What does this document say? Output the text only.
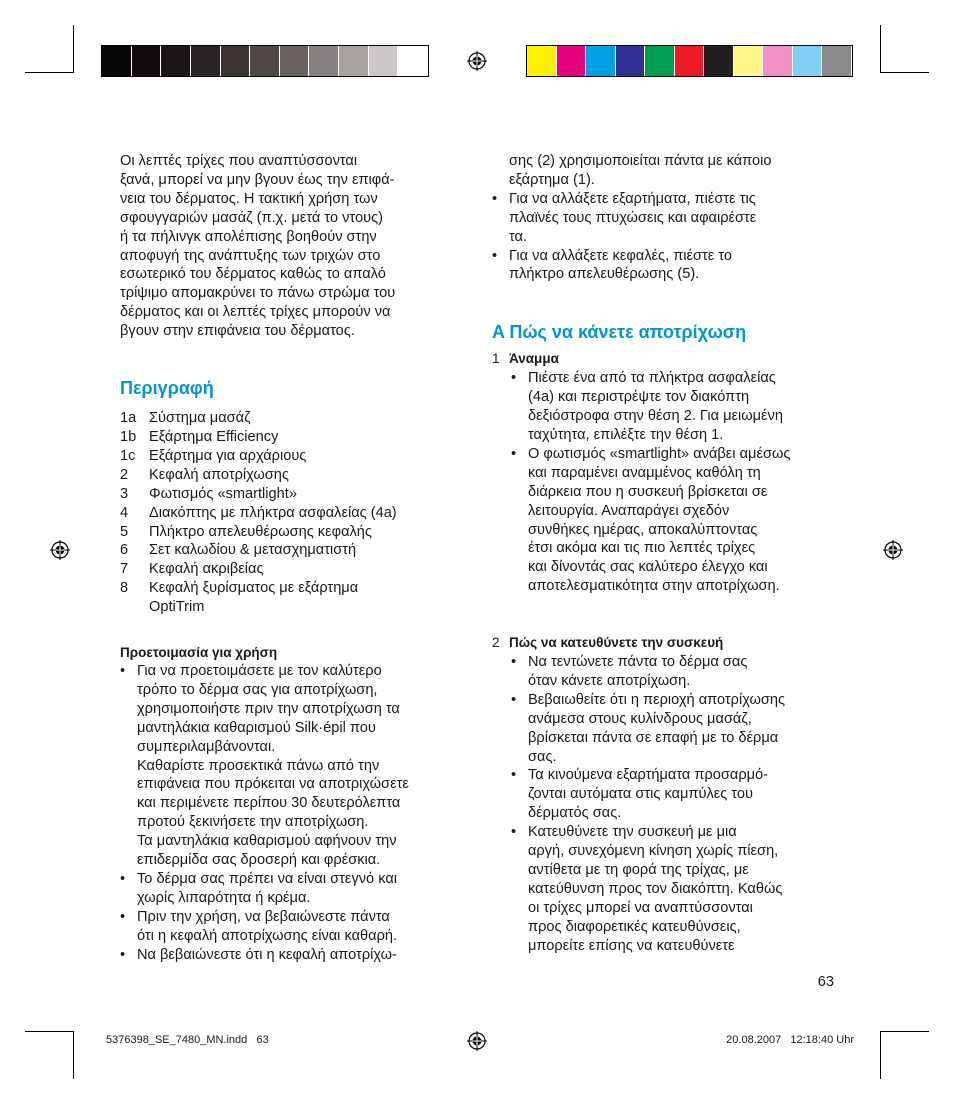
Οι λεπτές τρίχες που αναπτύσσονται

ξανά, μπορεί να μην βγουν έως την επιφά-

νεια του δέρματος. Η τακτική χρήση των

σφουγγαριών μασάζ (π.χ. μετά το ντους)

ή τα πήλινγκ απολέπισης βοηθούν στην

αποφυγή της ανάπτυξης των τριχών στο

εσωτερικό του δέρματος καθώς το απαλό

τρίψιμο απομακρύνει το πάνω στρώμα του

δέρματος και οι λεπτές τρίχες μπορούν να

βγουν στην επιφάνεια του δέρματος.

Περιγραφή
1a Σύστημα μασάζ
1b Εξάρτημα Efficiency
1c Εξάρτημα για αρχάριους
2 Κεφαλή αποτρίχωσης
3 Φωτισμός «smartlight»
4 Διακόπτης με πλήκτρα ασφαλείας (4a)
5 Πλήκτρο απελευθέρωσης κεφαλής
6 Σετ καλωδίου & μετασχηματιστή
7 Κεφαλή ακριβείας
8 Κεφαλή ξυρίσματος με εξάρτημα
OptiTrim
Προετοιμασία για χρήση
• Για να προετοιμάσετε με τον καλύτερο
τρόπο το δέρμα σας για αποτρίχωση,
χρησιμοποιήστε πριν την αποτρίχωση τα
μαντηλάκια καθαρισμού Silk·épil που
συμπεριλαμβάνονται.
Καθαρίστε προσεκτικά πάνω από την
επιφάνεια που πρόκειται να αποτριχώσετε
και περιμένετε περίπου 30 δευτερόλεπτα
προτού ξεκινήσετε την αποτρίχωση.
Τα μαντηλάκια καθαρισμού αφήνουν την
επιδερμίδα σας δροσερή και φρέσκια.
• Το δέρμα σας πρέπει να είναι στεγνό και
χωρίς λιπαρότητα ή κρέμα.
• Πριν την χρήση, να βεβαιώνεστε πάντα
ότι η κεφαλή αποτρίχωσης είναι καθαρή.
• Να βεβαιώνεστε ότι η κεφαλή αποτρίχω-

σης (2) χρησιμοποιείται πάντα με κάποιο

εξάρτημα (1).

• Για να αλλάξετε εξαρτήματα, πιέστε τις
πλαϊνές τους πτυχώσεις και αφαιρέστε
τα.
• Για να αλλάξετε κεφαλές, πιέστε το
πλήκτρο απελευθέρωσης (5).
A Πώς να κάνετε αποτρίχωση
1 Άναμμα
• Πιέστε ένα από τα πλήκτρα ασφαλείας
(4a) και περιστρέψτε τον διακόπτη
δεξιόστροφα στην θέση 2. Για μειωμένη
ταχύτητα, επιλέξτε την θέση 1.
• Ο φωτισμός «smartlight» ανάβει αμέσως
και παραμένει αναμμένος καθόλη τη
διάρκεια που η συσκευή βρίσκεται σε
λειτουργία. Αναπαράγει σχεδόν
συνθήκες ημέρας, αποκαλύπτοντας
έτσι ακόμα και τις πιο λεπτές τρίχες
και δίνοντάς σας καλύτερο έλεγχο και
αποτελεσματικότητα στην αποτρίχωση.
2 Πώς να κατευθύνετε την συσκευή
• Να τεντώνετε πάντα το δέρμα σας
όταν κάνετε αποτρίχωση.
• Βεβαιωθείτε ότι η περιοχή αποτρίχωσης
ανάμεσα στους κυλίνδρους μασάζ,
βρίσκεται πάντα σε επαφή με το δέρμα
σας.
• Τα κινούμενα εξαρτήματα προσαρμό-
ζονται αυτόματα στις καμπύλες του
δέρματός σας.
• Κατευθύνετε την συσκευή με μια
αργή, συνεχόμενη κίνηση χωρίς πίεση,
αντίθετα με τη φορά της τρίχας, με
κατεύθυνση προς τον διακόπτη. Καθώς
οι τρίχες μπορεί να αναπτύσσονται
προς διαφορετικές κατευθύνσεις,
μπορείτε επίσης να κατευθύνετε
63
5376398_SE_7480_MN.indd   63	20.08.2007   12:18:40 Uhr
